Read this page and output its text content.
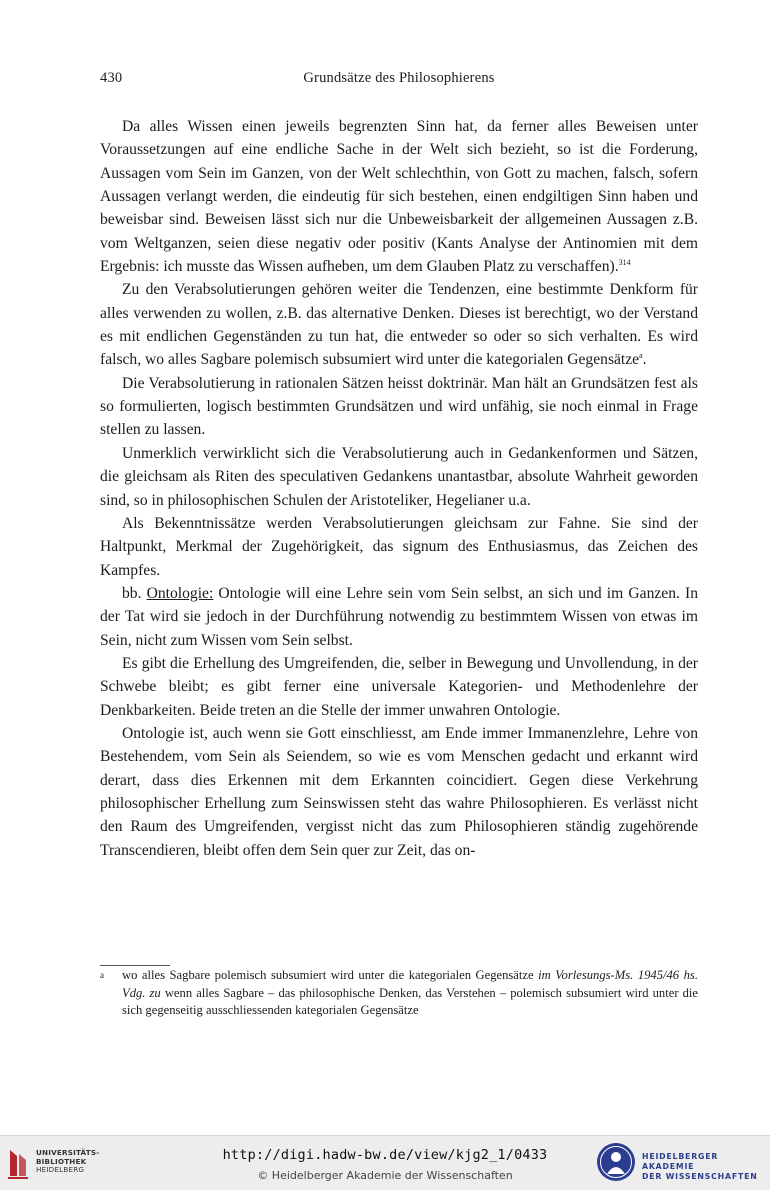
430	Grundsätze des Philosophierens

Da alles Wissen einen jeweils begrenzten Sinn hat, da ferner alles Beweisen unter Voraussetzungen auf eine endliche Sache in der Welt sich bezieht, so ist die Forderung, Aussagen vom Sein im Ganzen, von der Welt schlechthin, von Gott zu machen, falsch, sofern Aussagen verlangt werden, die eindeutig für sich bestehen, einen endgiltigen Sinn haben und beweisbar sind. Beweisen lässt sich nur die Unbeweisbarkeit der allgemeinen Aussagen z.B. vom Weltganzen, seien diese negativ oder positiv (Kants Analyse der Antinomien mit dem Ergebnis: ich musste das Wissen aufheben, um dem Glauben Platz zu verschaffen).$^{314}$

Zu den Verabsolutierungen gehören weiter die Tendenzen, eine bestimmte Denkform für alles verwenden zu wollen, z.B. das alternative Denken. Dieses ist berechtigt, wo der Verstand es mit endlichen Gegenständen zu tun hat, die entweder so oder so sich verhalten. Es wird falsch, wo alles Sagbare polemisch subsumiert wird unter die kategorialen Gegensätze$^a$.

Die Verabsolutierung in rationalen Sätzen heisst doktrinär. Man hält an Grundsätzen fest als so formulierten, logisch bestimmten Grundsätzen und wird unfähig, sie noch einmal in Frage stellen zu lassen.

Unmerklich verwirklicht sich die Verabsolutierung auch in Gedankenformen und Sätzen, die gleichsam als Riten des speculativen Gedankens unantastbar, absolute Wahrheit geworden sind, so in philosophischen Schulen der Aristoteliker, Hegelianer u.a.

Als Bekenntnissätze werden Verabsolutierungen gleichsam zur Fahne. Sie sind der Haltpunkt, Merkmal der Zugehörigkeit, das signum des Enthusiasmus, das Zeichen des Kampfes.

bb. Ontologie: Ontologie will eine Lehre sein vom Sein selbst, an sich und im Ganzen. In der Tat wird sie jedoch in der Durchführung notwendig zu bestimmtem Wissen von etwas im Sein, nicht zum Wissen vom Sein selbst.

Es gibt die Erhellung des Umgreifenden, die, selber in Bewegung und Unvollendung, in der Schwebe bleibt; es gibt ferner eine universale Kategorien- und Methodenlehre der Denkbarkeiten. Beide treten an die Stelle der immer unwahren Ontologie.

Ontologie ist, auch wenn sie Gott einschliesst, am Ende immer Immanenzlehre, Lehre von Bestehendem, vom Sein als Seiendem, so wie es vom Menschen gedacht und erkannt wird derart, dass dies Erkennen mit dem Erkannten coincidiert. Gegen diese Verkehrung philosophischer Erhellung zum Seinswissen steht das wahre Philosophieren. Es verlässt nicht den Raum des Umgreifenden, vergisst nicht das zum Philosophieren ständig zugehörende Transcendieren, bleibt offen dem Sein quer zur Zeit, das on-

a wo alles Sagbare polemisch subsumiert wird unter die kategorialen Gegensätze im Vorlesungs-Ms. 1945/46 hs. Vdg. zu wenn alles Sagbare – das philosophische Denken, das Verstehen – polemisch subsumiert wird unter die sich gegenseitig ausschliessenden kategorialen Gegensätze
UNIVERSITÄTS-
BIBLIOTHEK
HEIDELBERG
http://digi.hadw-bw.de/view/kjg2_1/0433
© Heidelberger Akademie der Wissenschaften
HEIDELBERGER AKADEMIE
DER WISSENSCHAFTEN
